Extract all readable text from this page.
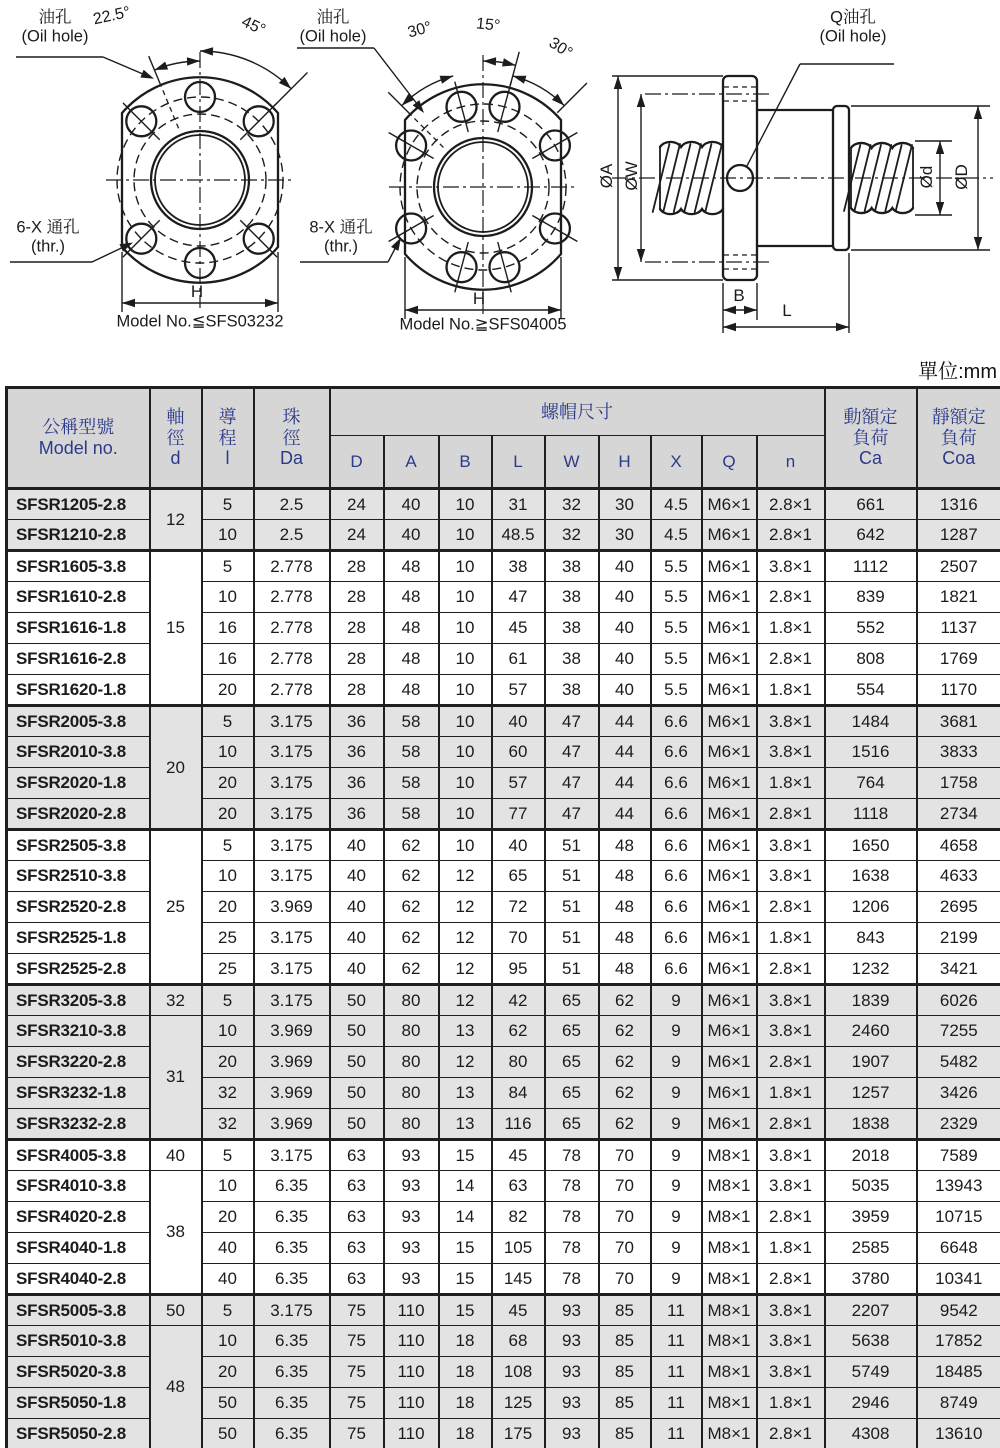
油孔
(Oil hole)
22.5°	45°
6-X 通孔
(thr.)
H
Model No.≦SFS03232
油孔
(Oil hole) 30°	15°
30°
8-X 通孔
(thr.)
H
Model No.≧SFS04005
Q油孔
(Oil hole)
ØA ØW	Ød ØD
B
L
單位:mm
公稱型號
Model no.	軸
徑
d	導
程
l	珠
徑
Da	螺帽尺寸									動額定
負荷
Ca	靜額定
負荷
Coa
				D	A	B	L	W	H	X	Q	n		
SFSR1205-2.8	12	5	2.5	24	40	10	31	32	30	4.5	M6×1	2.8×1	661	1316
SFSR1210-2.8		10	2.5	24	40	10	48.5	32	30	4.5	M6×1	2.8×1	642	1287
SFSR1605-3.8	15	5	2.778	28	48	10	38	38	40	5.5	M6×1	3.8×1	1112	2507
SFSR1610-2.8		10	2.778	28	48	10	47	38	40	5.5	M6×1	2.8×1	839	1821
SFSR1616-1.8		16	2.778	28	48	10	45	38	40	5.5	M6×1	1.8×1	552	1137
SFSR1616-2.8		16	2.778	28	48	10	61	38	40	5.5	M6×1	2.8×1	808	1769
SFSR1620-1.8		20	2.778	28	48	10	57	38	40	5.5	M6×1	1.8×1	554	1170
SFSR2005-3.8	20	5	3.175	36	58	10	40	47	44	6.6	M6×1	3.8×1	1484	3681
SFSR2010-3.8		10	3.175	36	58	10	60	47	44	6.6	M6×1	3.8×1	1516	3833
SFSR2020-1.8		20	3.175	36	58	10	57	47	44	6.6	M6×1	1.8×1	764	1758
SFSR2020-2.8		20	3.175	36	58	10	77	47	44	6.6	M6×1	2.8×1	1118	2734
SFSR2505-3.8	25	5	3.175	40	62	10	40	51	48	6.6	M6×1	3.8×1	1650	4658
SFSR2510-3.8		10	3.175	40	62	12	65	51	48	6.6	M6×1	3.8×1	1638	4633
SFSR2520-2.8		20	3.969	40	62	12	72	51	48	6.6	M6×1	2.8×1	1206	2695
SFSR2525-1.8		25	3.175	40	62	12	70	51	48	6.6	M6×1	1.8×1	843	2199
SFSR2525-2.8		25	3.175	40	62	12	95	51	48	6.6	M6×1	2.8×1	1232	3421
SFSR3205-3.8	32	5	3.175	50	80	12	42	65	62	9	M6×1	3.8×1	1839	6026
SFSR3210-3.8	31	10	3.969	50	80	13	62	65	62	9	M6×1	3.8×1	2460	7255
SFSR3220-2.8		20	3.969	50	80	12	80	65	62	9	M6×1	2.8×1	1907	5482
SFSR3232-1.8		32	3.969	50	80	13	84	65	62	9	M6×1	1.8×1	1257	3426
SFSR3232-2.8		32	3.969	50	80	13	116	65	62	9	M6×1	2.8×1	1838	2329
SFSR4005-3.8	40	5	3.175	63	93	15	45	78	70	9	M8×1	3.8×1	2018	7589
SFSR4010-3.8	38	10	6.35	63	93	14	63	78	70	9	M8×1	3.8×1	5035	13943
SFSR4020-2.8		20	6.35	63	93	14	82	78	70	9	M8×1	2.8×1	3959	10715
SFSR4040-1.8		40	6.35	63	93	15	105	78	70	9	M8×1	1.8×1	2585	6648
SFSR4040-2.8		40	6.35	63	93	15	145	78	70	9	M8×1	2.8×1	3780	10341
SFSR5005-3.8	50	5	3.175	75	110	15	45	93	85	11	M8×1	3.8×1	2207	9542
SFSR5010-3.8	48	10	6.35	75	110	18	68	93	85	11	M8×1	3.8×1	5638	17852
SFSR5020-3.8		20	6.35	75	110	18	108	93	85	11	M8×1	3.8×1	5749	18485
SFSR5050-1.8		50	6.35	75	110	18	125	93	85	11	M8×1	1.8×1	2946	8749
SFSR5050-2.8		50	6.35	75	110	18	175	93	85	11	M8×1	2.8×1	4308	13610
